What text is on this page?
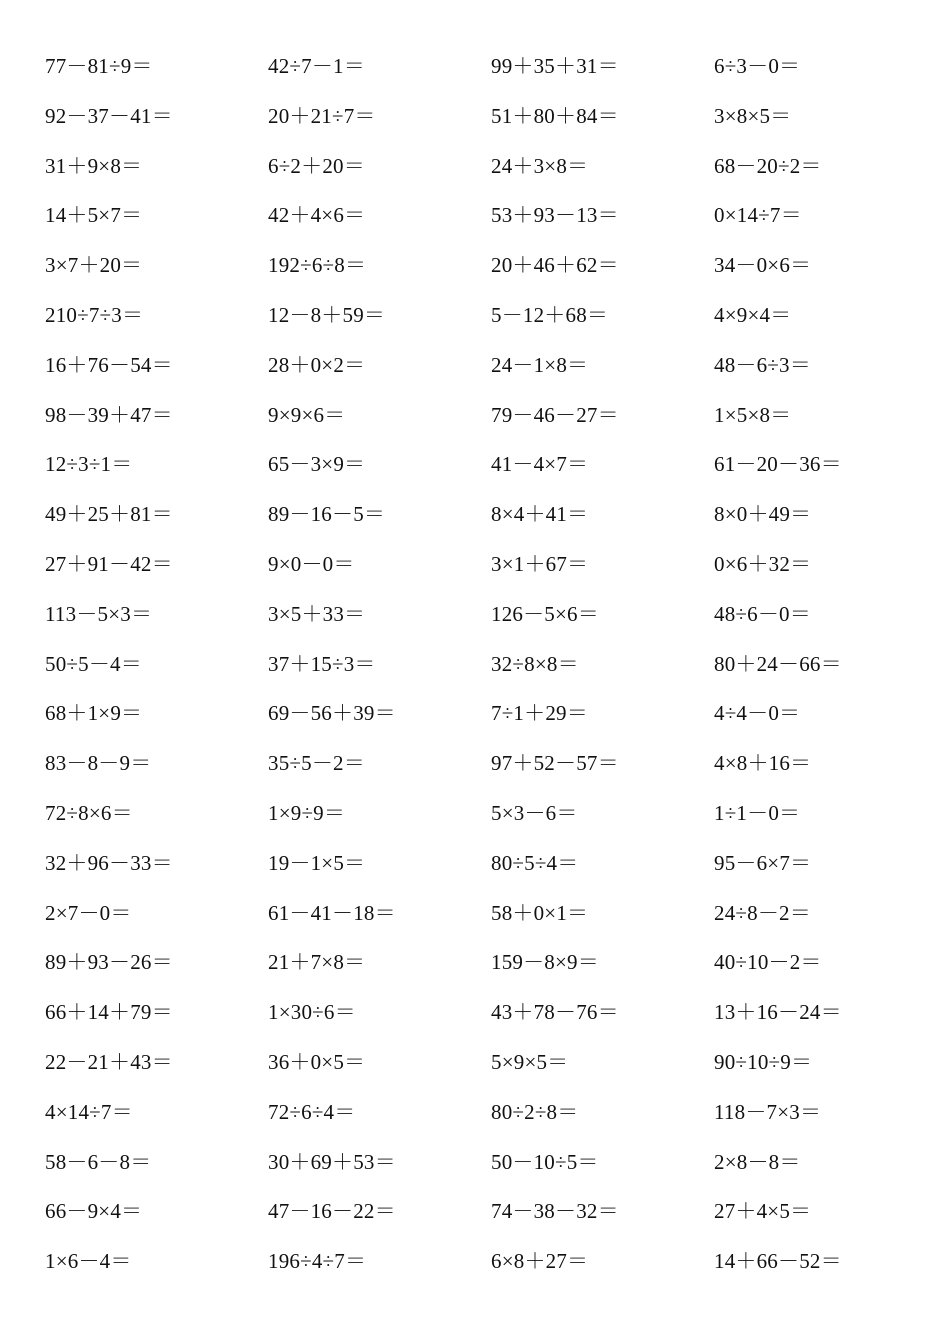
77－81÷9＝	42÷7－1＝	99＋35＋31＝	6÷3－0＝
92－37－41＝	20＋21÷7＝	51＋80＋84＝	3×8×5＝
31＋9×8＝	6÷2＋20＝	24＋3×8＝	68－20÷2＝
14＋5×7＝	42＋4×6＝	53＋93－13＝	0×14÷7＝
3×7＋20＝	192÷6÷8＝	20＋46＋62＝	34－0×6＝
210÷7÷3＝	12－8＋59＝	5－12＋68＝	4×9×4＝
16＋76－54＝	28＋0×2＝	24－1×8＝	48－6÷3＝
98－39＋47＝	9×9×6＝	79－46－27＝	1×5×8＝
12÷3÷1＝	65－3×9＝	41－4×7＝	61－20－36＝
49＋25＋81＝	89－16－5＝	8×4＋41＝	8×0＋49＝
27＋91－42＝	9×0－0＝	3×1＋67＝	0×6＋32＝
113－5×3＝	3×5＋33＝	126－5×6＝	48÷6－0＝
50÷5－4＝	37＋15÷3＝	32÷8×8＝	80＋24－66＝
68＋1×9＝	69－56＋39＝	7÷1＋29＝	4÷4－0＝
83－8－9＝	35÷5－2＝	97＋52－57＝	4×8＋16＝
72÷8×6＝	1×9÷9＝	5×3－6＝	1÷1－0＝
32＋96－33＝	19－1×5＝	80÷5÷4＝	95－6×7＝
2×7－0＝	61－41－18＝	58＋0×1＝	24÷8－2＝
89＋93－26＝	21＋7×8＝	159－8×9＝	40÷10－2＝
66＋14＋79＝	1×30÷6＝	43＋78－76＝	13＋16－24＝
22－21＋43＝	36＋0×5＝	5×9×5＝	90÷10÷9＝
4×14÷7＝	72÷6÷4＝	80÷2÷8＝	118－7×3＝
58－6－8＝	30＋69＋53＝	50－10÷5＝	2×8－8＝
66－9×4＝	47－16－22＝	74－38－32＝	27＋4×5＝
1×6－4＝	196÷4÷7＝	6×8＋27＝	14＋66－52＝
